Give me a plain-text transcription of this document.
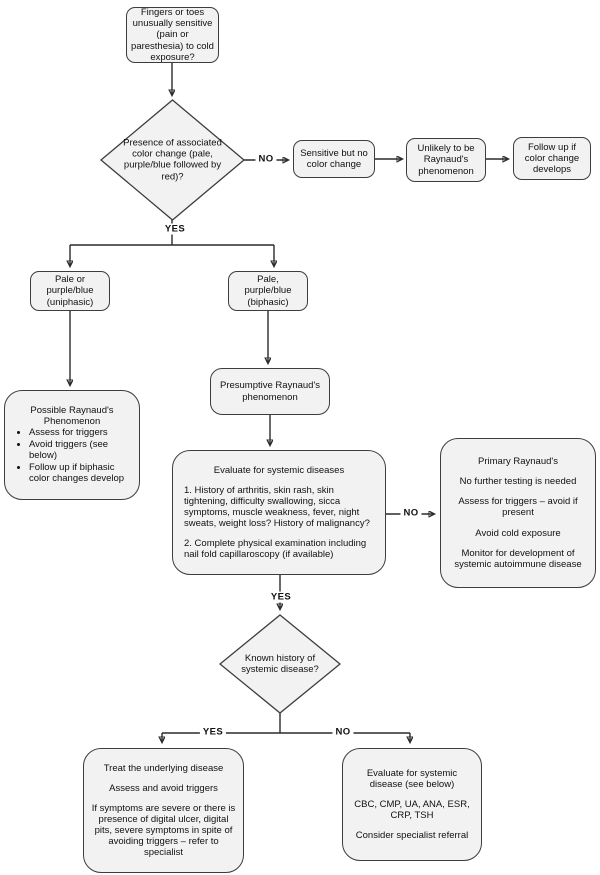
Fingers or toes unusually sensitive (pain or paresthesia) to cold exposure?

Presence of associated color change (pale, purple/blue followed by red)?

Sensitive but no color change

Unlikely to be Raynaud's phenomenon

Follow up if color change develops

Pale or purple/blue (uniphasic)

Pale, purple/blue (biphasic)

Possible Raynaud's Phenomenon

• Assess for triggers
• Avoid triggers (see below)
• Follow up if biphasic color changes develop

Presumptive Raynaud's phenomenon

Evaluate for systemic diseases

1. History of arthritis, skin rash, skin tightening, difficulty swallowing, sicca symptoms, muscle weakness, fever, night sweats, weight loss? History of malignancy?

2. Complete physical examination including nail fold capillaroscopy (if available)

Primary Raynaud's

No further testing is needed

Assess for triggers – avoid if present

Avoid cold exposure

Monitor for development of systemic autoimmune disease

Known history of systemic disease?

Treat the underlying disease

Assess and avoid triggers

If symptoms are severe or there is presence of digital ulcer, digital pits, severe symptoms in spite of avoiding triggers – refer to specialist

Evaluate for systemic disease (see below)

CBC, CMP, UA, ANA, ESR, CRP, TSH

Consider specialist referral

NO
YES
NO
YES
YES	NO
